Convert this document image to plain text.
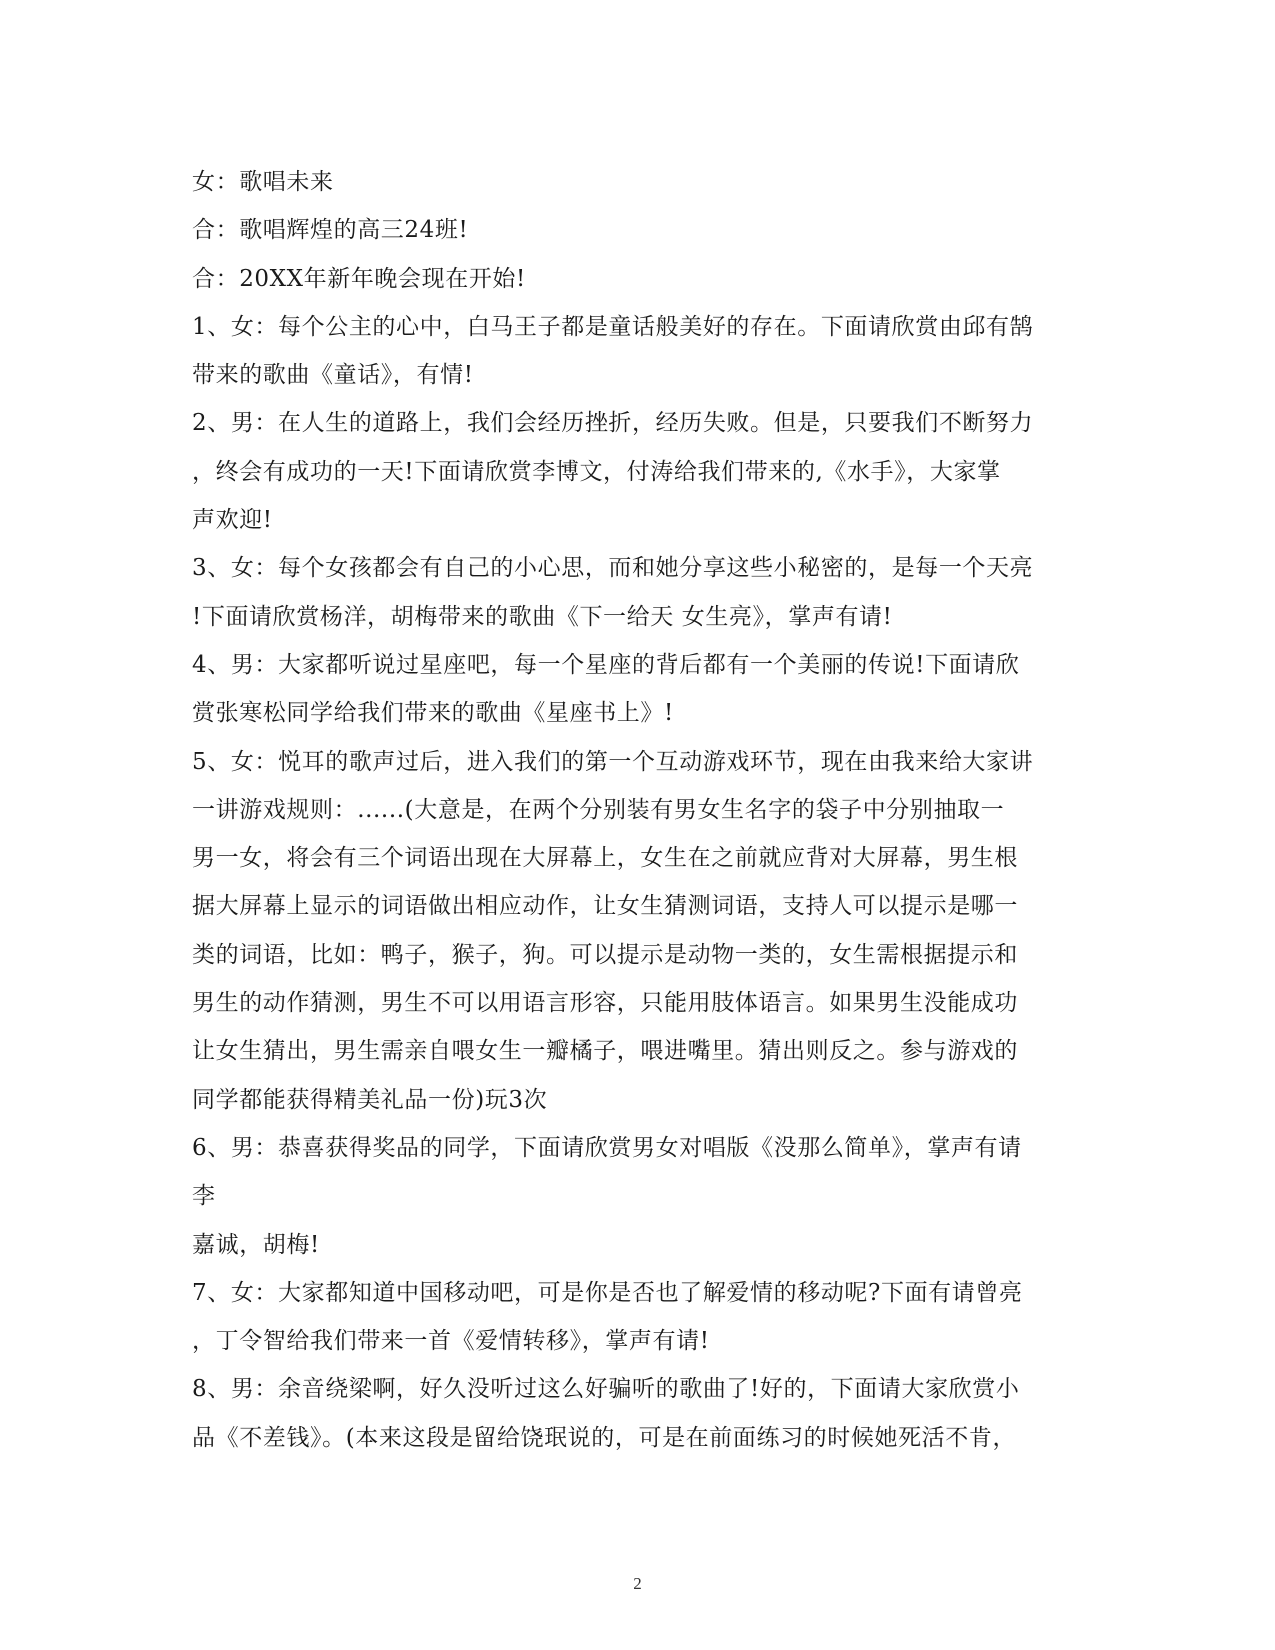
女：歌唱未来
合：歌唱辉煌的高三24班!
合：20XX年新年晚会现在开始!
1、女：每个公主的心中，白马王子都是童话般美好的存在。下面请欣赏由邱有鹄
带来的歌曲《童话》，有情!
2、男：在人生的道路上，我们会经历挫折，经历失败。但是，只要我们不断努力
，终会有成功的一天!下面请欣赏李博文，付涛给我们带来的,《水手》，大家掌
声欢迎!
3、女：每个女孩都会有自己的小心思，而和她分享这些小秘密的，是每一个天亮
!下面请欣赏杨洋，胡梅带来的歌曲《下一给天 女生亮》，掌声有请!
4、男：大家都听说过星座吧，每一个星座的背后都有一个美丽的传说!下面请欣
赏张寒松同学给我们带来的歌曲《星座书上》!
5、女：悦耳的歌声过后，进入我们的第一个互动游戏环节，现在由我来给大家讲
一讲游戏规则：......(大意是，在两个分别装有男女生名字的袋子中分别抽取一
男一女，将会有三个词语出现在大屏幕上，女生在之前就应背对大屏幕，男生根
据大屏幕上显示的词语做出相应动作，让女生猜测词语，支持人可以提示是哪一
类的词语，比如：鸭子，猴子，狗。可以提示是动物一类的，女生需根据提示和
男生的动作猜测，男生不可以用语言形容，只能用肢体语言。如果男生没能成功
让女生猜出，男生需亲自喂女生一瓣橘子，喂进嘴里。猜出则反之。参与游戏的
同学都能获得精美礼品一份)玩3次
6、男：恭喜获得奖品的同学，下面请欣赏男女对唱版《没那么简单》，掌声有请
李
嘉诚，胡梅!
7、女：大家都知道中国移动吧，可是你是否也了解爱情的移动呢?下面有请曾亮
，丁令智给我们带来一首《爱情转移》，掌声有请!
8、男：余音绕梁啊，好久没听过这么好骗听的歌曲了!好的，下面请大家欣赏小
品《不差钱》。(本来这段是留给饶珉说的，可是在前面练习的时候她死活不肯，
2
